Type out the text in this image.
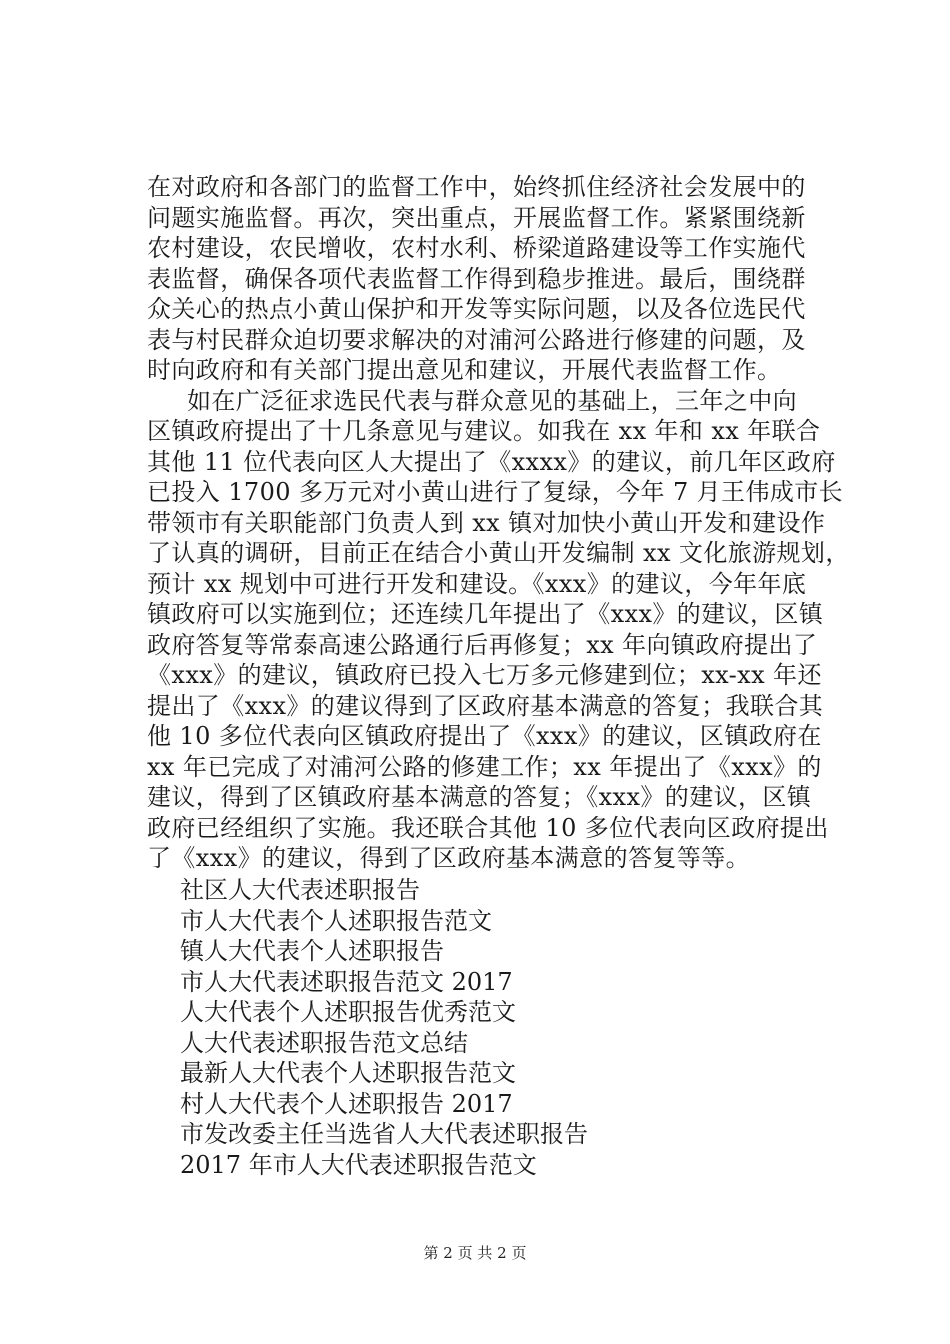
在对政府和各部门的监督工作中，始终抓住经济社会发展中的
问题实施监督。再次，突出重点，开展监督工作。紧紧围绕新
农村建设，农民增收，农村水利、桥梁道路建设等工作实施代
表监督，确保各项代表监督工作得到稳步推进。最后，围绕群
众关心的热点小黄山保护和开发等实际问题，以及各位选民代
表与村民群众迫切要求解决的对浦河公路进行修建的问题，及
时向政府和有关部门提出意见和建议，开展代表监督工作。
如在广泛征求选民代表与群众意见的基础上，三年之中向
区镇政府提出了十几条意见与建议。如我在 xx 年和 xx 年联合
其他 11 位代表向区人大提出了《xxxx》的建议，前几年区政府
已投入 1700 多万元对小黄山进行了复绿，今年 7 月王伟成市长
带领市有关职能部门负责人到 xx 镇对加快小黄山开发和建设作
了认真的调研，目前正在结合小黄山开发编制 xx 文化旅游规划，
预计 xx 规划中可进行开发和建设。《xxx》的建议，今年年底
镇政府可以实施到位；还连续几年提出了《xxx》的建议，区镇
政府答复等常泰高速公路通行后再修复；xx 年向镇政府提出了
《xxx》的建议，镇政府已投入七万多元修建到位；xx-xx 年还
提出了《xxx》的建议得到了区政府基本满意的答复；我联合其
他 10 多位代表向区镇政府提出了《xxx》的建议，区镇政府在
xx 年已完成了对浦河公路的修建工作；xx 年提出了《xxx》的
建议，得到了区镇政府基本满意的答复；《xxx》的建议，区镇
政府已经组织了实施。我还联合其他 10 多位代表向区政府提出
了《xxx》的建议，得到了区政府基本满意的答复等等。
社区人大代表述职报告
市人大代表个人述职报告范文
镇人大代表个人述职报告
市人大代表述职报告范文 2017
人大代表个人述职报告优秀范文
人大代表述职报告范文总结
最新人大代表个人述职报告范文
村人大代表个人述职报告 2017
市发改委主任当选省人大代表述职报告
2017 年市人大代表述职报告范文
第 2 页 共 2 页
